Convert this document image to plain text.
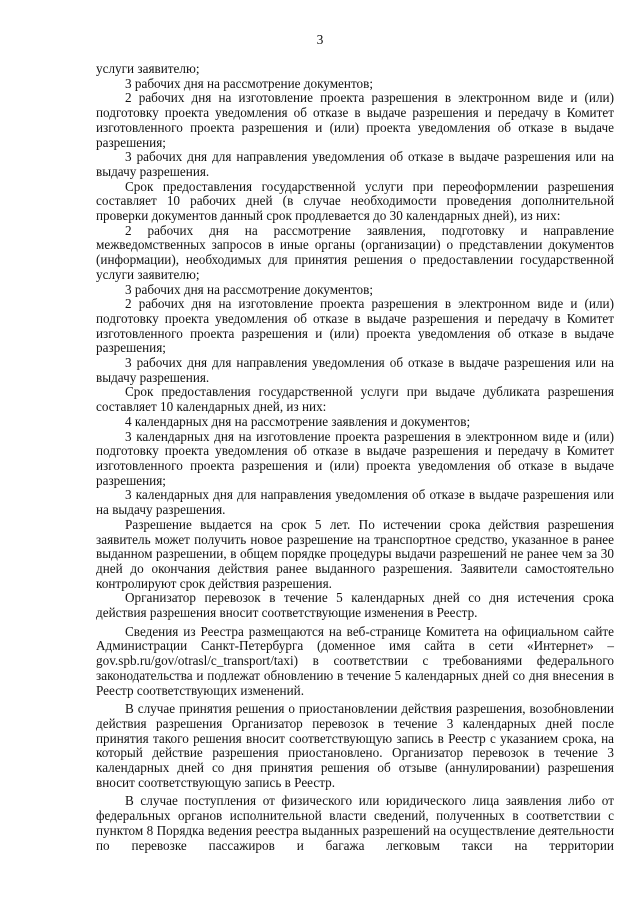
3

услуги заявителю;

3 рабочих дня на рассмотрение документов;

2 рабочих дня на изготовление проекта разрешения в электронном виде и (или) подготовку проекта уведомления об отказе в выдаче разрешения и передачу в Комитет изготовленного проекта разрешения и (или) проекта уведомления об отказе в выдаче разрешения;

3 рабочих дня для направления уведомления об отказе в выдаче разрешения или на выдачу разрешения.

Срок предоставления государственной услуги при переоформлении разрешения составляет 10 рабочих дней (в случае необходимости проведения дополнительной проверки документов данный срок продлевается до 30 календарных дней), из них:

2 рабочих дня на рассмотрение заявления, подготовку и направление межведомственных запросов в иные органы (организации) о представлении документов (информации), необходимых для принятия решения о предоставлении государственной услуги заявителю;

3 рабочих дня на рассмотрение документов;

2 рабочих дня на изготовление проекта разрешения в электронном виде и (или) подготовку проекта уведомления об отказе в выдаче разрешения и передачу в Комитет изготовленного проекта разрешения и (или) проекта уведомления об отказе в выдаче разрешения;

3 рабочих дня для направления уведомления об отказе в выдаче разрешения или на выдачу разрешения.

Срок предоставления государственной услуги при выдаче дубликата разрешения составляет 10 календарных дней, из них:

4 календарных дня на рассмотрение заявления и документов;

3 календарных дня на изготовление проекта разрешения в электронном виде и (или) подготовку проекта уведомления об отказе в выдаче разрешения и передачу в Комитет изготовленного проекта разрешения и (или) проекта уведомления об отказе в выдаче разрешения;

3 календарных дня для направления уведомления об отказе в выдаче разрешения или на выдачу разрешения.

Разрешение выдается на срок 5 лет. По истечении срока действия разрешения заявитель может получить новое разрешение на транспортное средство, указанное в ранее выданном разрешении, в общем порядке процедуры выдачи разрешений не ранее чем за 30 дней до окончания действия ранее выданного разрешения. Заявители самостоятельно контролируют срок действия разрешения.

Организатор перевозок в течение 5 календарных дней со дня истечения срока действия разрешения вносит соответствующие изменения в Реестр.

Сведения из Реестра размещаются на веб-странице Комитета на официальном сайте Администрации Санкт-Петербурга (доменное имя сайта в сети «Интернет» – gov.spb.ru/gov/otrasl/c_transport/taxi) в соответствии с требованиями федерального законодательства и подлежат обновлению в течение 5 календарных дней со дня внесения в Реестр соответствующих изменений.

В случае принятия решения о приостановлении действия разрешения, возобновлении действия разрешения Организатор перевозок в течение 3 календарных дней после принятия такого решения вносит соответствующую запись в Реестр с указанием срока, на который действие разрешения приостановлено. Организатор перевозок в течение 3 календарных дней со дня принятия решения об отзыве (аннулировании) разрешения вносит соответствующую запись в Реестр.

В случае поступления от физического или юридического лица заявления либо от федеральных органов исполнительной власти сведений, полученных в соответствии с пунктом 8 Порядка ведения реестра выданных разрешений на осуществление деятельности по перевозке пассажиров и багажа легковым такси на территории
